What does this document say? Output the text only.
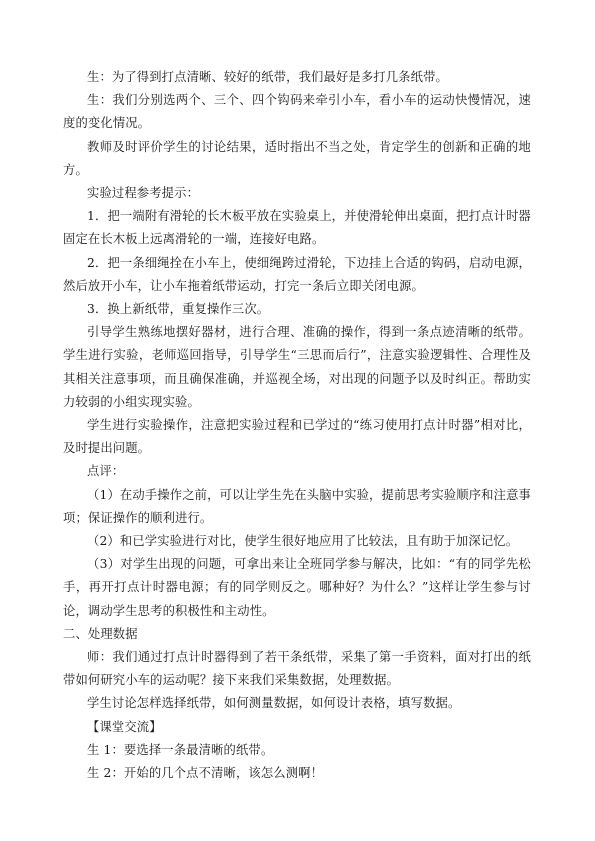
生：为了得到打点清晰、较好的纸带，我们最好是多打几条纸带。

生：我们分别选两个、三个、四个钩码来牵引小车，看小车的运动快慢情况，速度的变化情况。

教师及时评价学生的讨论结果，适时指出不当之处，肯定学生的创新和正确的地方。

实验过程参考提示：

1．把一端附有滑轮的长木板平放在实验桌上，并使滑轮伸出桌面，把打点计时器固定在长木板上远离滑轮的一端，连接好电路。

2．把一条细绳拴在小车上，使细绳跨过滑轮，下边挂上合适的钩码，启动电源，然后放开小车，让小车拖着纸带运动，打完一条后立即关闭电源。

3．换上新纸带，重复操作三次。

引导学生熟练地摆好器材，进行合理、准确的操作，得到一条点迹清晰的纸带。学生进行实验，老师巡回指导，引导学生“三思而后行”，注意实验逻辑性、合理性及其相关注意事项，而且确保准确，并巡视全场，对出现的问题予以及时纠正。帮助实力较弱的小组实现实验。

学生进行实验操作，注意把实验过程和已学过的“练习使用打点计时器”相对比，及时提出问题。

点评：

（1）在动手操作之前，可以让学生先在头脑中实验，提前思考实验顺序和注意事项；保证操作的顺利进行。

（2）和已学实验进行对比，使学生很好地应用了比较法，且有助于加深记忆。

（3）对学生出现的问题，可拿出来让全班同学参与解决，比如：“有的同学先松手，再开打点计时器电源；有的同学则反之。哪种好？为什么？”这样让学生参与讨论，调动学生思考的积极性和主动性。

二、处理数据

师：我们通过打点计时器得到了若干条纸带，采集了第一手资料，面对打出的纸带如何研究小车的运动呢？接下来我们采集数据，处理数据。

学生讨论怎样选择纸带，如何测量数据，如何设计表格，填写数据。

【课堂交流】

生 1：要选择一条最清晰的纸带。

生 2：开始的几个点不清晰，该怎么测啊！
